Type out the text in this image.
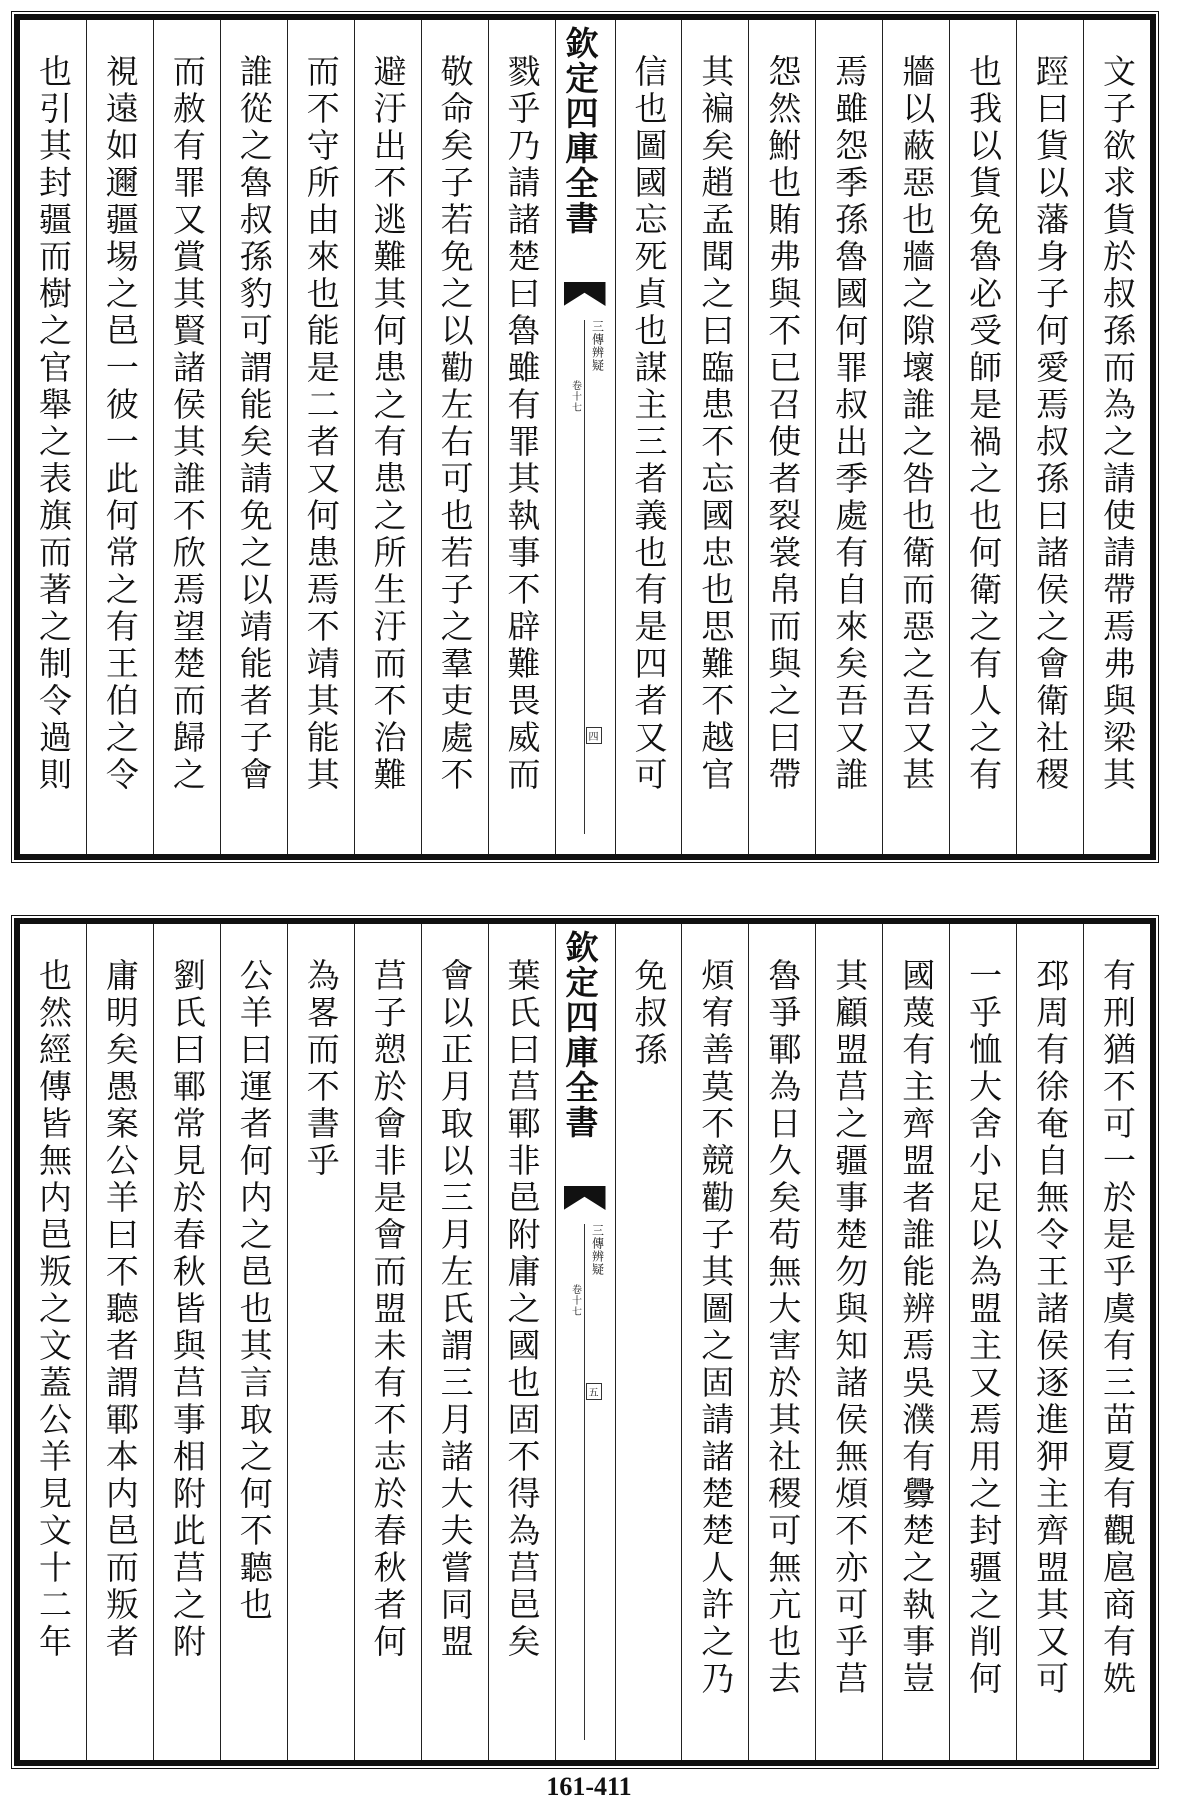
文子欲求貨於叔孫而為之請使請帶焉弗與梁其
踁曰貨以藩身子何愛焉叔孫曰諸侯之會衛社稷
也我以貨免魯必受師是禍之也何衛之有人之有
牆以蔽惡也牆之隙壞誰之咎也衛而惡之吾又甚
焉雖怨季孫魯國何罪叔出季處有自來矣吾又誰
怨然鮒也賄弗與不已召使者裂裳帛而與之曰帶
其褊矣趙孟聞之曰臨患不忘國忠也思難不越官
信也圖國忘死貞也謀主三者義也有是四者又可
欽定四庫全書
三傳辨疑
卷十七
四
戮乎乃請諸楚曰魯雖有罪其執事不辟難畏威而
敬命矣子若免之以勸左右可也若子之羣吏處不
避汙出不逃難其何患之有患之所生汙而不治難
而不守所由來也能是二者又何患焉不靖其能其
誰從之魯叔孫豹可謂能矣請免之以靖能者子會
而赦有罪又賞其賢諸侯其誰不欣焉望楚而歸之
視遠如邇疆埸之邑一彼一此何常之有王伯之令
也引其封疆而樹之官舉之表旗而著之制令過則
有刑猶不可一於是乎虞有三苗夏有觀扈商有姺
邳周有徐奄自無令王諸侯逐進狎主齊盟其又可
一乎恤大舍小足以為盟主又焉用之封疆之削何
國蔑有主齊盟者誰能辨焉吳濮有釁楚之執事豈
其顧盟莒之疆事楚勿與知諸侯無煩不亦可乎莒
魯爭鄆為日久矣苟無大害於其社稷可無亢也去
煩宥善莫不競勸子其圖之固請諸楚楚人許之乃
免叔孫
欽定四庫全書
三傳辨疑
卷十七
五
葉氏曰莒鄆非邑附庸之國也固不得為莒邑矣
會以正月取以三月左氏謂三月諸大夫嘗同盟
莒子愬於會非是會而盟未有不志於春秋者何
為畧而不書乎
公羊曰運者何内之邑也其言取之何不聽也
劉氏曰鄆常見於春秋皆與莒事相附此莒之附
庸明矣愚案公羊曰不聽者謂鄆本内邑而叛者
也然經傳皆無内邑叛之文蓋公羊見文十二年
161-411
